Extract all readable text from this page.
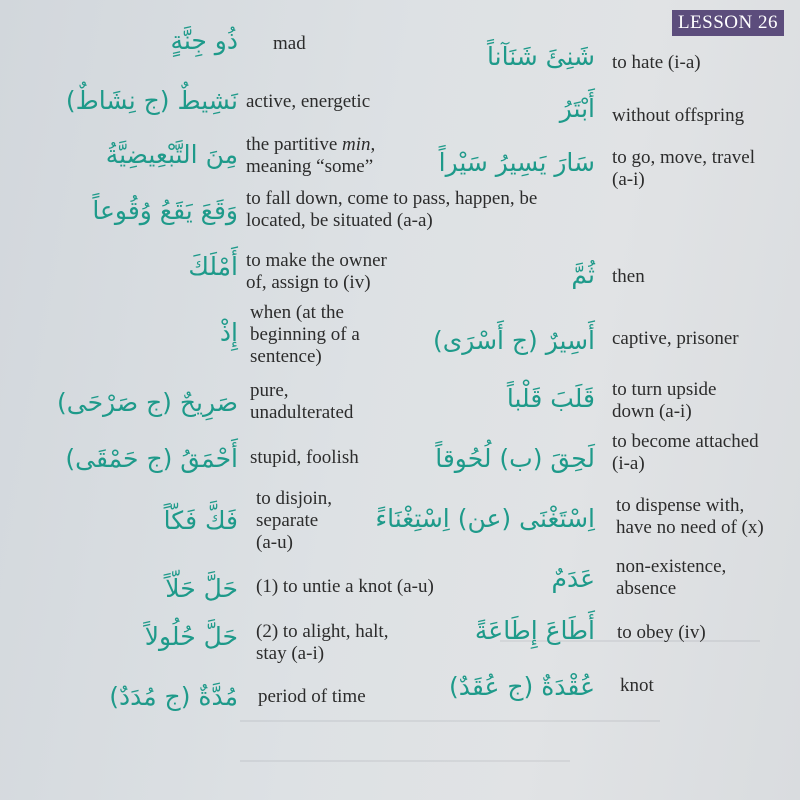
LESSON 26
ذُو جِنَّةٍ mad
نَشِيطٌ (ج نِشَاطٌ) active, energetic
مِنَ التَّبْعِيضِيَّةُ the partitive min,
meaning “some”
وَقَعَ يَقَعُ وُقُوعاً to fall down, come to pass, happen, be
located, be situated (a-a)
أَمْلَكَ to make the owner
of, assign to (iv)
إِذْ
when (at the
beginning of a
sentence)
صَرِيحٌ (ج صَرْحَى) pure,
unadulterated
أَحْمَقُ (ج حَمْقَى) stupid, foolish
فَكَّ فَكّاً
to disjoin,
separate
(a-u)
حَلَّ حَلّاً (1) to untie a knot (a-u)
حَلَّ حُلُولاً (2) to alight, halt,
stay (a-i)
مُدَّةٌ (ج مُدَدٌ) period of time
شَنِئَ شَنَآناً to hate (i-a)
أَبْتَرُ without offspring
سَارَ يَسِيرُ سَيْراً to go, move, travel
(a-i)
ثُمَّ then
أَسِيرٌ (ج أَسْرَى) captive, prisoner
قَلَبَ قَلْباً to turn upside
down (a-i)
لَحِقَ (ب) لُحُوقاً
to become attached
(i-a)
اِسْتَغْنَى (عن) اِسْتِغْنَاءً to dispense with,
have no need of (x)
عَدَمٌ non-existence,
absence
أَطَاعَ إِطَاعَةً to obey (iv)
عُقْدَةٌ (ج عُقَدٌ) knot
